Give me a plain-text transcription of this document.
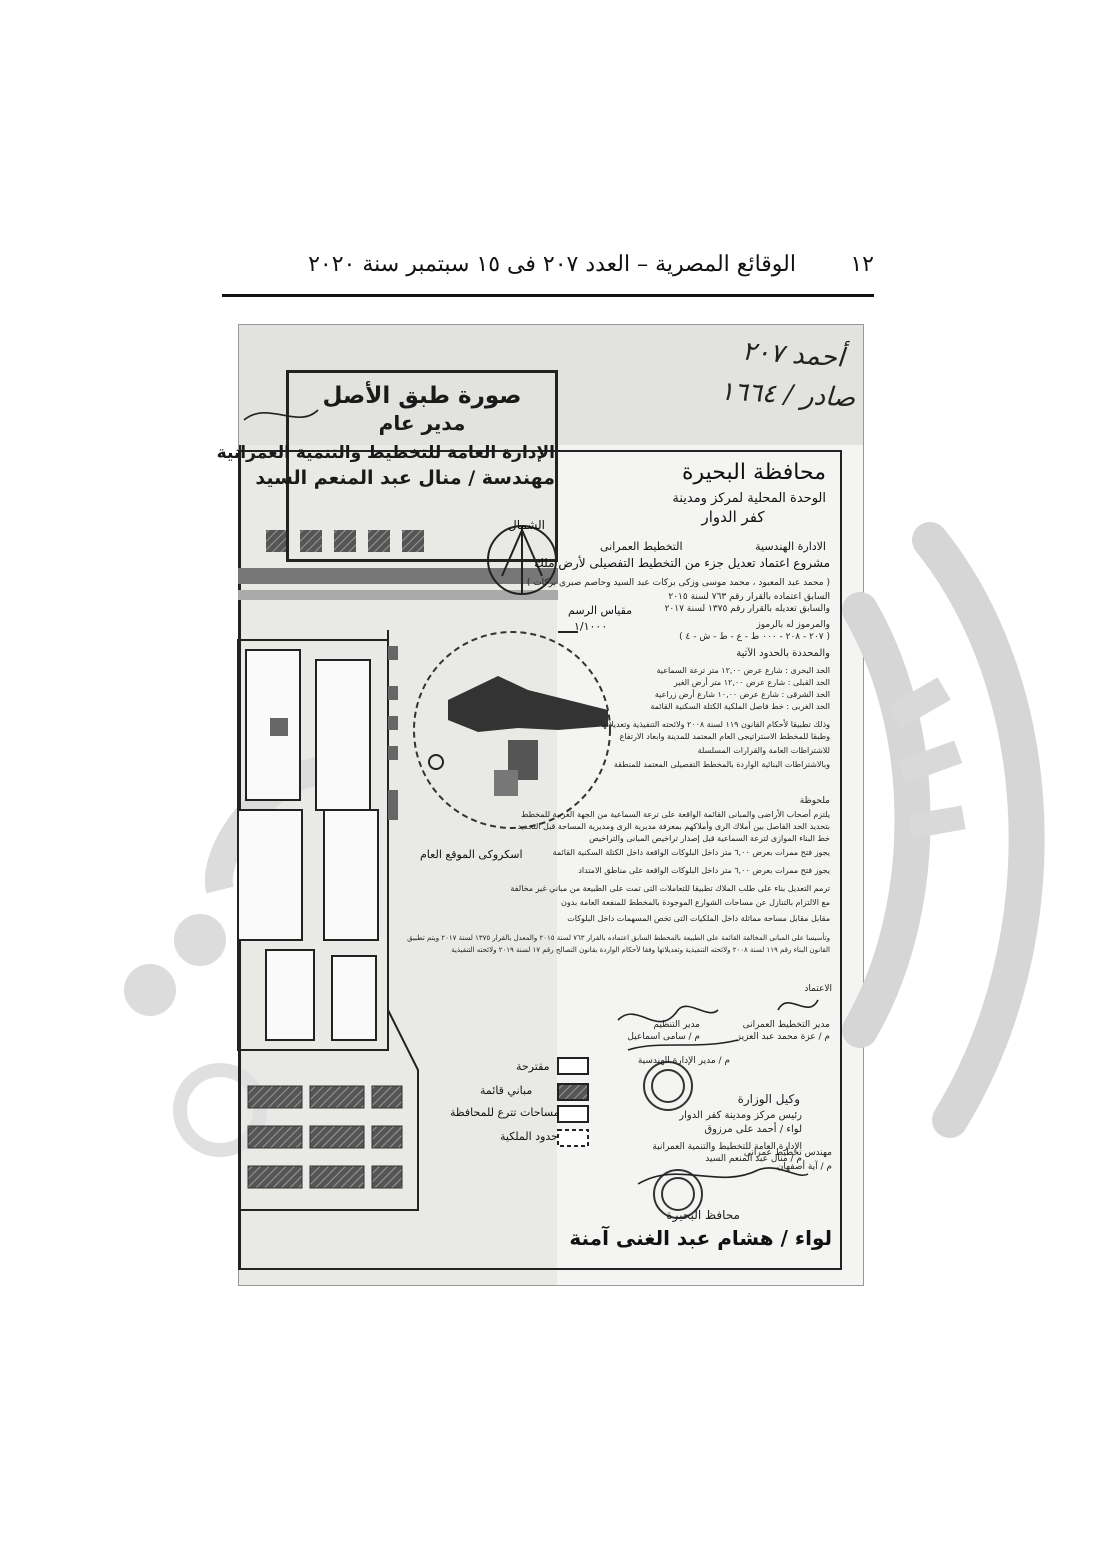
١٢
الوقائع المصرية – العدد ٢٠٧ فى ١٥ سبتمبر سنة ٢٠٢٠
صورة طبق الأصل
مدير عام
الإدارة العامة للتخطيط والتنمية العمرانية
مهندسة / منال عبد المنعم السيد
أحمد ٢٠٧
صادر / ١٦٦٤
محافظة البحيرة
الوحدة المحلية لمركز ومدينة
كفر الدوار
الادارة الهندسية
التخطيط العمرانى
مشروع اعتماد تعديل جزء من التخطيط التفصيلى لأرض ملك
( محمد عبد المعبود ، محمد موسى وزكى بركات عبد السيد وحاصم صبرى بركات )
السابق اعتماده بالقرار رقم ٧٦٣ لسنة ٢٠١٥
والسابق تعديله بالقرار رقم ١٣٧٥ لسنة ٢٠١٧
والمرموز له بالرموز
( ٢٠٧ - ٢٠٨ - ٠٠٠ ط - ع - ط - ش - ٤ )
والمحددة بالحدود الآتية
الحد البحرى : شارع عرض ١٢,٠٠ متر ترعة السماعية
الحد القبلى : شارع عرض ١٢,٠٠ متر أرض الغير
الحد الشرقى : شارع عرض ١٠,٠٠ شارع أرض زراعية
الحد الغربى : خط فاصل الملكية الكتلة السكنية القائمة
وذلك تطبيقا لأحكام القانون ١١٩ لسنة ٢٠٠٨ ولائحته التنفيذية وتعديلاتها
وطبقا للمخطط الاستراتيجى العام المعتمد للمدينة وابعاد الارتفاع
للاشتراطات العامة والقرارات المسلسلة
وبالاشتراطات البنائية الواردة بالمخطط التفصيلى المعتمد للمنطقة
ملحوظة
يلتزم أصحاب الأراضى والمبانى القائمة الواقعة على ترعة السماعية من الجهة الغربية للمخطط
بتحديد الحد الفاصل بين أملاك الرى وأملاكهم بمعرفة مديرية الرى ومديرية المساحة قبل التحديد
خط البناء الموازى لترعة السماعية قبل إصدار تراخيص المبانى والتراخيص
يجوز فتح ممرات بعرض ٦,٠٠ متر داخل البلوكات الواقعة داخل الكتلة السكنية القائمة
يجوز فتح ممرات بعرض ٦,٠٠ متر داخل البلوكات الواقعة على مناطق الامتداد
ترمم التعديل بناء على طلب الملاك تطبيقا للتعاملات التى تمت على الطبيعة من مباني غير مخالفة
مع الالتزام بالتنازل عن مساحات الشوارع الموجودة بالمخطط للمنفعة العامة بدون
مقابل مقابل مساحة مماثلة داخل الملكيات التى تخص المسهمات داخل البلوكات
وتأسيسا على المبانى المخالفة القائمة على الطبيعة بالمخطط السابق اعتماده بالقرار ٧٦٣ لسنة ٢٠١٥ والمعدل بالقرار ١٣٧٥ لسنة ٢٠١٧ ويتم تطبيق
القانون البناء رقم ١١٩ لسنة ٢٠٠٨ ولائحته التنفيذية وتعديلاتها وفقا لأحكام الواردة بقانون التصالح رقم ١٧ لسنة ٢٠١٩ ولائحته التنفيذية
مقياس الرسم
١/١٠٠٠
الشمال
اسكروكى الموقع العام
مقترحة
مباني قائمة
مساحات تترع للمحافظة
حدود الملكية
الاعتماد
مدير التخطيط العمرانى
م / عزة محمد عبد العزيز
مدير التنظيم
م / سامى اسماعيل
م / مدير الإدارة الهندسية
وكيل الوزارة
رئيس مركز ومدينة كفر الدوار
لواء / أحمد على مرزوق
الإدارة العامة للتخطيط والتنمية العمرانية
م / منال عبد المنعم السيد
مهندس تخطيط عمرانى
م / آية أصفهان
محافظ البحيرة
لواء / هشام عبد الغنى آمنة
